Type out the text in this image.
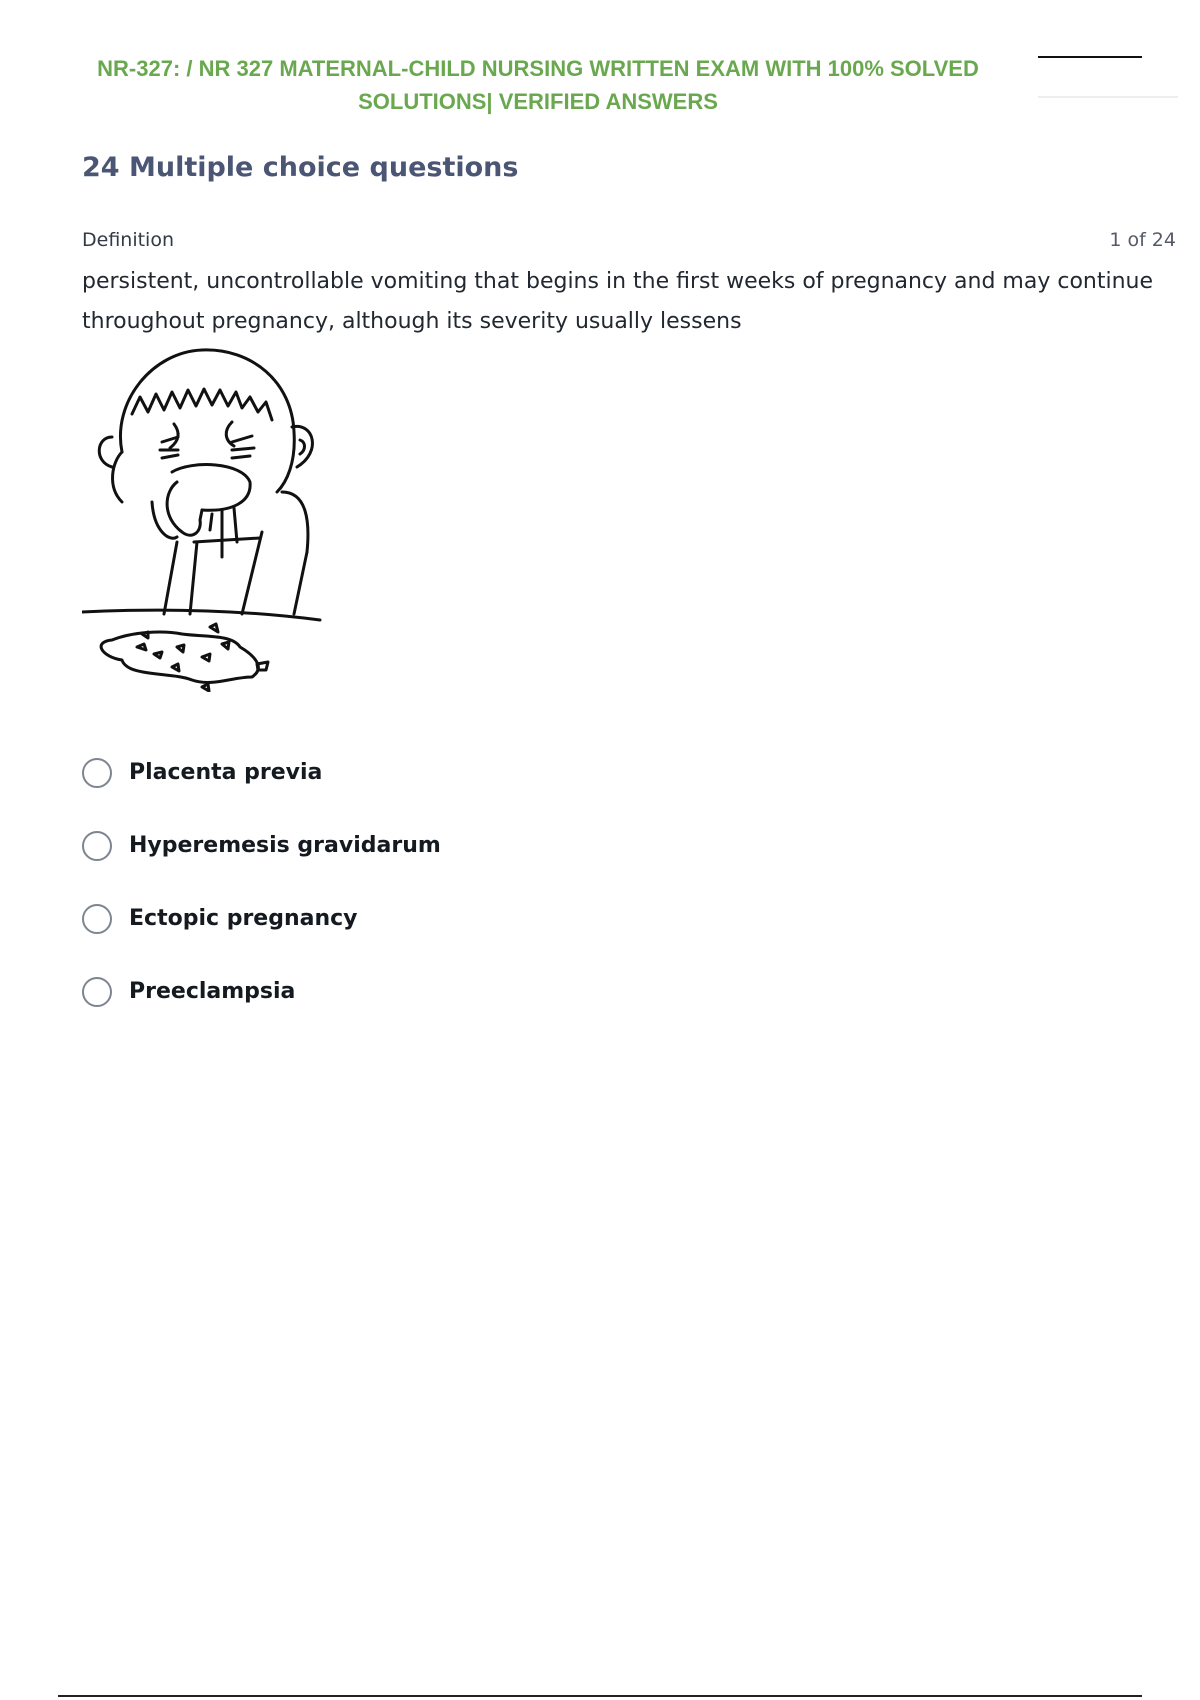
NR-327: / NR 327 MATERNAL-CHILD NURSING WRITTEN EXAM WITH 100% SOLVED
SOLUTIONS| VERIFIED ANSWERS
24 Multiple choice questions
Definition	1 of 24
persistent, uncontrollable vomiting that begins in the first weeks of pregnancy and may continue throughout pregnancy, although its severity usually lessens
Placenta previa
Hyperemesis gravidarum
Ectopic pregnancy
Preeclampsia
